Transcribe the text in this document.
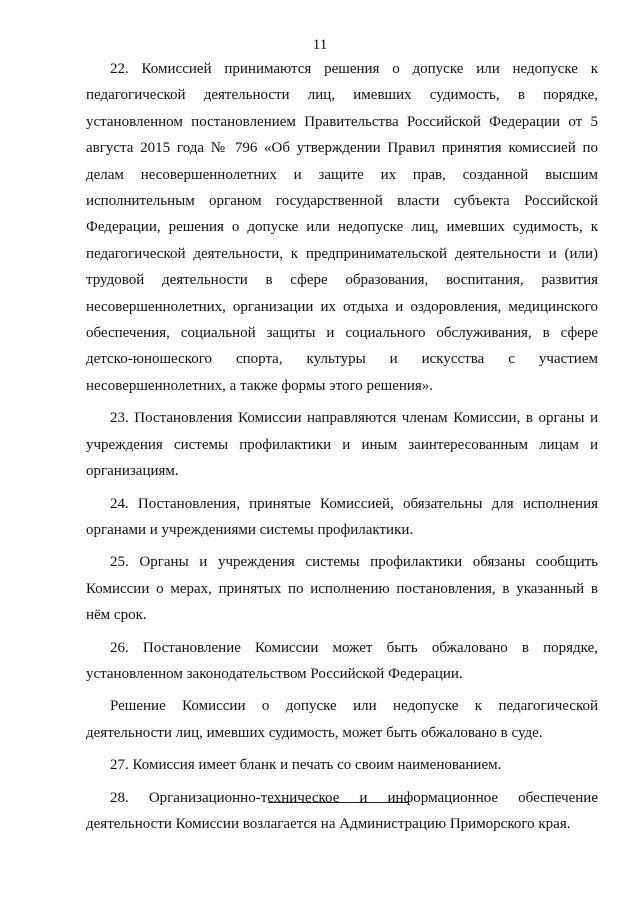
11

22. Комиссией принимаются решения о допуске или недопуске к педагогической деятельности лиц, имевших судимость, в порядке, установленном постановлением Правительства Российской Федерации от 5 августа 2015 года № 796 «Об утверждении Правил принятия комиссией по делам несовершеннолетних и защите их прав, созданной высшим исполнительным органом государственной власти субъекта Российской Федерации, решения о допуске или недопуске лиц, имевших судимость, к педагогической деятельности, к предпринимательской деятельности и (или) трудовой деятельности в сфере образования, воспитания, развития несовершеннолетних, организации их отдыха и оздоровления, медицинского обеспечения, социальной защиты и социального обслуживания, в сфере детско-юношеского спорта, культуры и искусства с участием несовершеннолетних, а также формы этого решения».

23. Постановления Комиссии направляются членам Комиссии, в органы и учреждения системы профилактики и иным заинтересованным лицам и организациям.

24. Постановления, принятые Комиссией, обязательны для исполнения органами и учреждениями системы профилактики.

25. Органы и учреждения системы профилактики обязаны сообщить Комиссии о мерах, принятых по исполнению постановления, в указанный в нём срок.

26. Постановление Комиссии может быть обжаловано в порядке, установленном законодательством Российской Федерации.

Решение Комиссии о допуске или недопуске к педагогической деятельности лиц, имевших судимость, может быть обжаловано в суде.

27. Комиссия имеет бланк и печать со своим наименованием.

28. Организационно-техническое и информационное обеспечение деятельности Комиссии возлагается на Администрацию Приморского края.
